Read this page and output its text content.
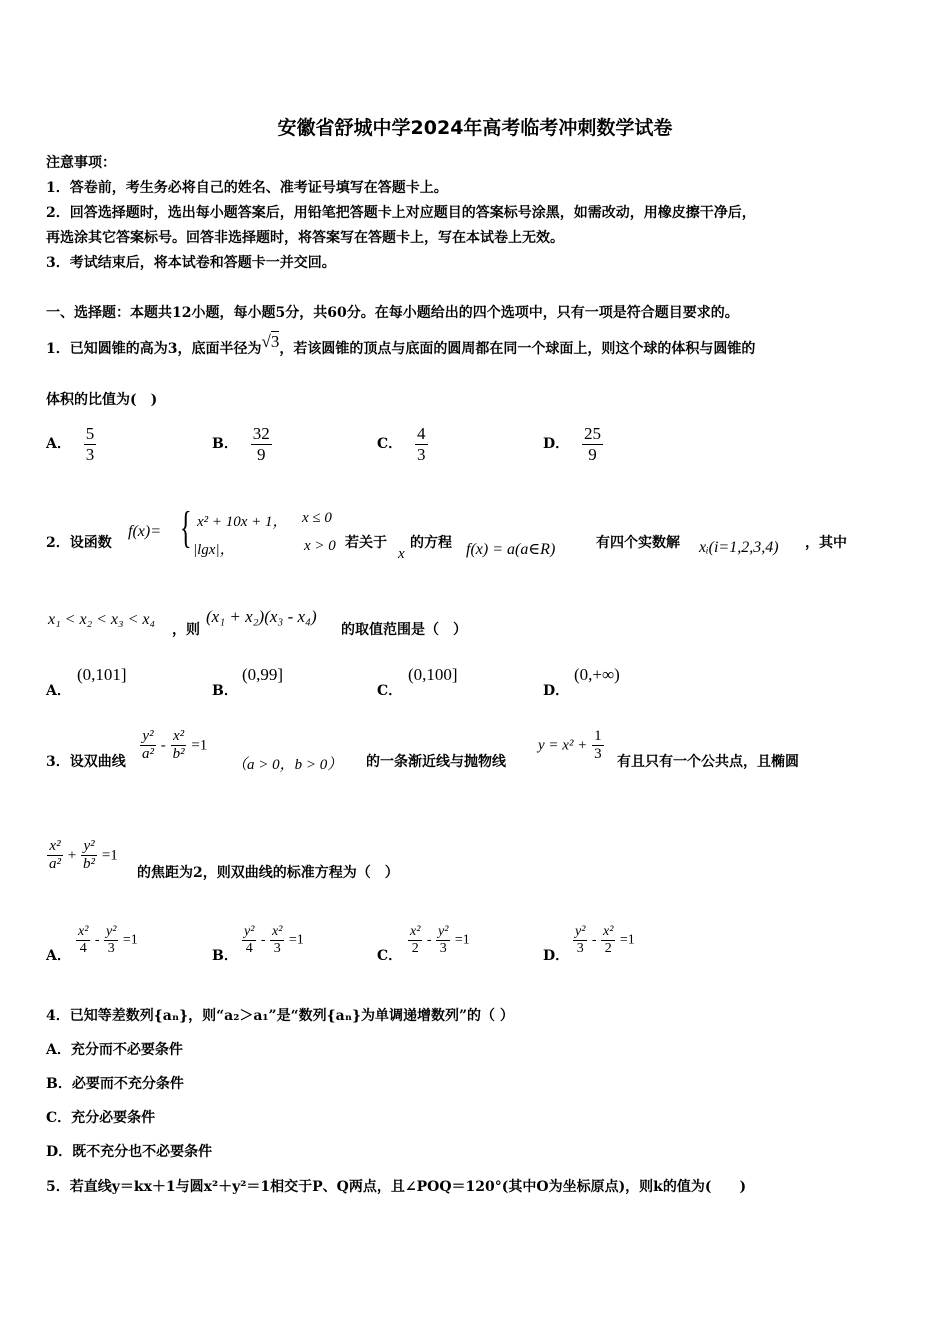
安徽省舒城中学2024年高考临考冲刺数学试卷
注意事项：
1．答卷前，考生务必将自己的姓名、准考证号填写在答题卡上。
2．回答选择题时，选出每小题答案后，用铅笔把答题卡上对应题目的答案标号涂黑，如需改动，用橡皮擦干净后，
再选涂其它答案标号。回答非选择题时，将答案写在答题卡上，写在本试卷上无效。
3．考试结束后，将本试卷和答题卡一并交回。
一、选择题：本题共12小题，每小题5分，共60分。在每小题给出的四个选项中，只有一项是符合题目要求的。
1．已知圆锥的高为3，底面半径为√3，若该圆锥的顶点与底面的圆周都在同一个球面上，则这个球的体积与圆锥的
体积的比值为(　)
A． $\frac{5}{3}$	B． $\frac{32}{9}$	C． $\frac{4}{3}$	D． $\frac{25}{9}$
2．设函数
f(x)= { x² + 10x + 1， x ≤ 0
|lgx|，	x > 0 若关于
x
的方程 f(x) = a(a∈R)	有四个实数解 xᵢ(i=1,2,3,4) ，其中
x₁ < x₂ < x₃ < x₄
，则
(x₁ + x₂)(x₃ - x₄)
的取值范围是（　）
A．
(0,101]
B．
(0,99]
C．
(0,100]
D．
(0,+∞)
3．设双曲线 $\frac{\text{y²}}{\text{a²}} - \frac{\text{x²}}{\text{b²}} =1$
（a > 0，b > 0） 的一条渐近线与抛物线
$y = x^2 + \frac{1}{3}$ 有且只有一个公共点，且椭圆
$\frac{\text{x²}}{\text{a²}} + \frac{\text{y²}}{\text{b²}} =1$
的焦距为2，则双曲线的标准方程为（　）
A． $\frac{\text{x²}}{4} - \frac{\text{y²}}{3} =1$
B． $\frac{\text{y²}}{4} - \frac{\text{x²}}{3} =1$
C． $\frac{\text{x²}}{2} - \frac{\text{y²}}{3} =1$
D． $\frac{\text{y²}}{3} - \frac{\text{x²}}{2} =1$
4．已知等差数列{aₙ}，则“a₂＞a₁”是“数列{aₙ}为单调递增数列”的（ ）
A．充分而不必要条件
B．必要而不充分条件
C．充分必要条件
D．既不充分也不必要条件
5．若直线y＝kx＋1与圆x²＋y²＝1相交于P、Q两点，且∠POQ＝120°(其中O为坐标原点)，则k的值为(　　)
